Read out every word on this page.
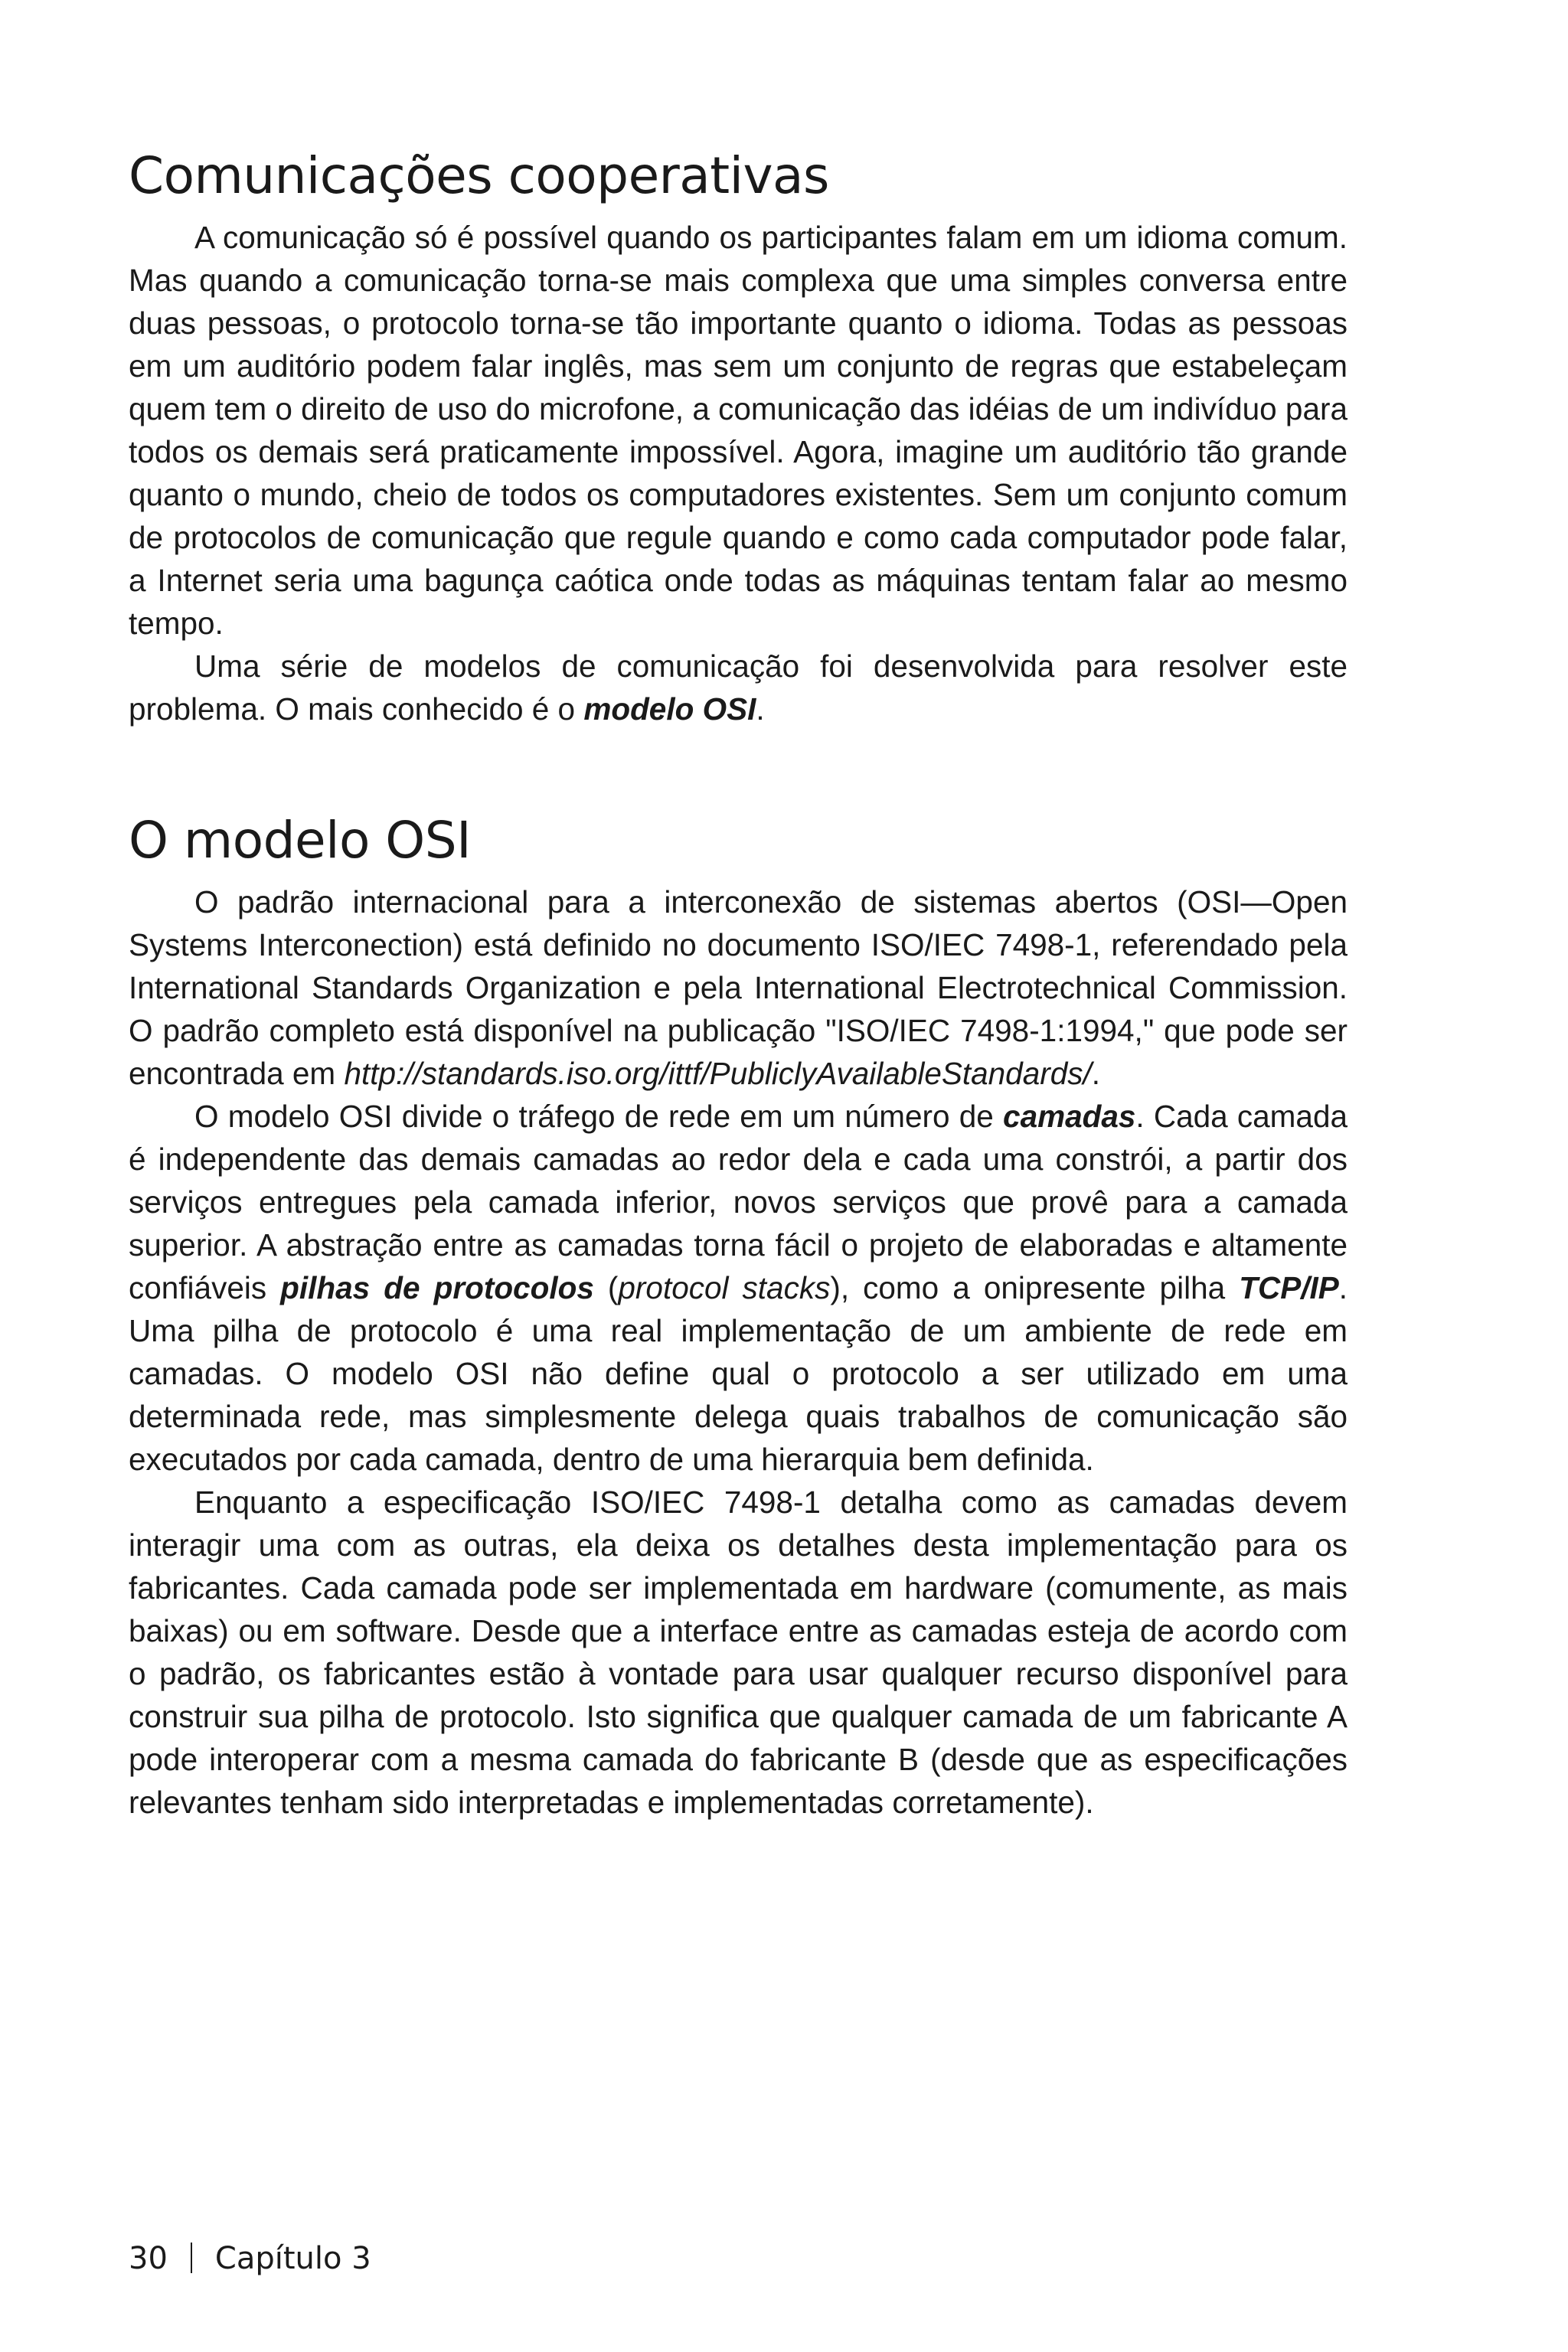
Comunicações cooperativas

A comunicação só é possível quando os participantes falam em um idioma comum. Mas quando a comunicação torna-se mais complexa que uma simples conversa entre duas pessoas, o protocolo torna-se tão importante quanto o idioma. Todas as pessoas em um auditório podem falar inglês, mas sem um conjunto de regras que estabeleçam quem tem o direito de uso do microfone, a comunicação das idéias de um indivíduo para todos os demais será praticamente impossível. Agora, imagine um auditório tão grande quanto o mundo, cheio de todos os computadores existentes. Sem um conjunto comum de protocolos de comunicação que regule quando e como cada computador pode falar, a Internet seria uma bagunça caótica onde todas as máquinas tentam falar ao mesmo tempo.

Uma série de modelos de comunicação foi desenvolvida para resolver este problema. O mais conhecido é o modelo OSI.

O modelo OSI

O padrão internacional para a interconexão de sistemas abertos (OSI—Open Systems Interconection) está definido no documento ISO/IEC 7498-1, referendado pela International Standards Organization e pela International Electrotechnical Commission. O padrão completo está disponível na publicação "ISO/IEC 7498-1:1994," que pode ser encontrada em http://standards.iso.org/ittf/PubliclyAvailableStandards/.

O modelo OSI divide o tráfego de rede em um número de camadas. Cada camada é independente das demais camadas ao redor dela e cada uma constrói, a partir dos serviços entregues pela camada inferior, novos serviços que provê para a camada superior. A abstração entre as camadas torna fácil o projeto de elaboradas e altamente confiáveis pilhas de protocolos (protocol stacks), como a onipresente pilha TCP/IP. Uma pilha de protocolo é uma real implementação de um ambiente de rede em camadas. O modelo OSI não define qual o protocolo a ser utilizado em uma determinada rede, mas simplesmente delega quais trabalhos de comunicação são executados por cada camada, dentro de uma hierarquia bem definida.

Enquanto a especificação ISO/IEC 7498-1 detalha como as camadas devem interagir uma com as outras, ela deixa os detalhes desta implementação para os fabricantes. Cada camada pode ser implementada em hardware (comumente, as mais baixas) ou em software. Desde que a interface entre as camadas esteja de acordo com o padrão, os fabricantes estão à vontade para usar qualquer recurso disponível para construir sua pilha de protocolo. Isto significa que qualquer camada de um fabricante A pode interoperar com a mesma camada do fabricante B (desde que as especificações relevantes tenham sido interpretadas e implementadas corretamente).

30 Capítulo 3
